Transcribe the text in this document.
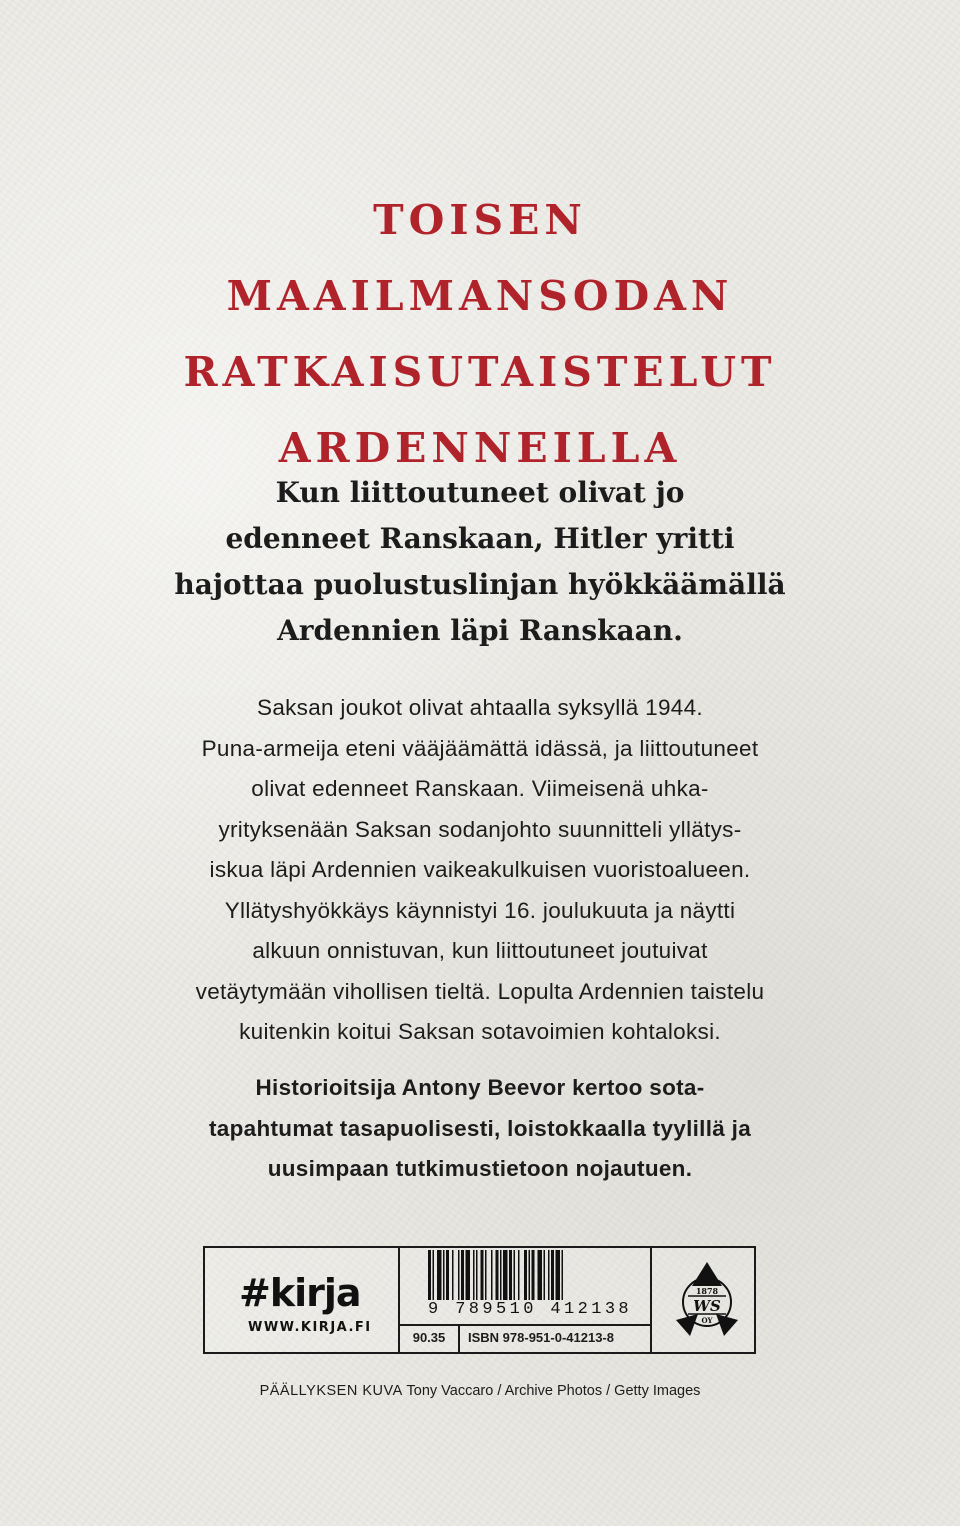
TOISEN
MAAILMANSODAN
RATKAISUTAISTELUT
ARDENNEILLA
Kun liittoutuneet olivat jo
edenneet Ranskaan, Hitler yritti
hajottaa puolustuslinjan hyökkäämällä
Ardennien läpi Ranskaan.
Saksan joukot olivat ahtaalla syksyllä 1944.
Puna-armeija eteni vääjäämättä idässä, ja liittoutuneet
olivat edenneet Ranskaan. Viimeisenä uhka-
yrityksenään Saksan sodanjohto suunnitteli yllätys-
iskua läpi Ardennien vaikeakulkuisen vuoristoalueen.
Yllätyshyökkäys käynnistyi 16. joulukuuta ja näytti
alkuun onnistuvan, kun liittoutuneet joutuivat
vetäytymään vihollisen tieltä. Lopulta Ardennien taistelu
kuitenkin koitui Saksan sotavoimien kohtaloksi.
Historioitsija Antony Beevor kertoo sota-
tapahtumat tasapuolisesti, loistokkaalla tyylillä ja
uusimpaan tutkimustietoon nojautuen.
#kirja
WWW.KIRJA.FI
9 789510 412138
90.35	ISBN 978-951-0-41213-8
1878
WS
OY
PÄÄLLYKSEN KUVA Tony Vaccaro / Archive Photos / Getty Images
